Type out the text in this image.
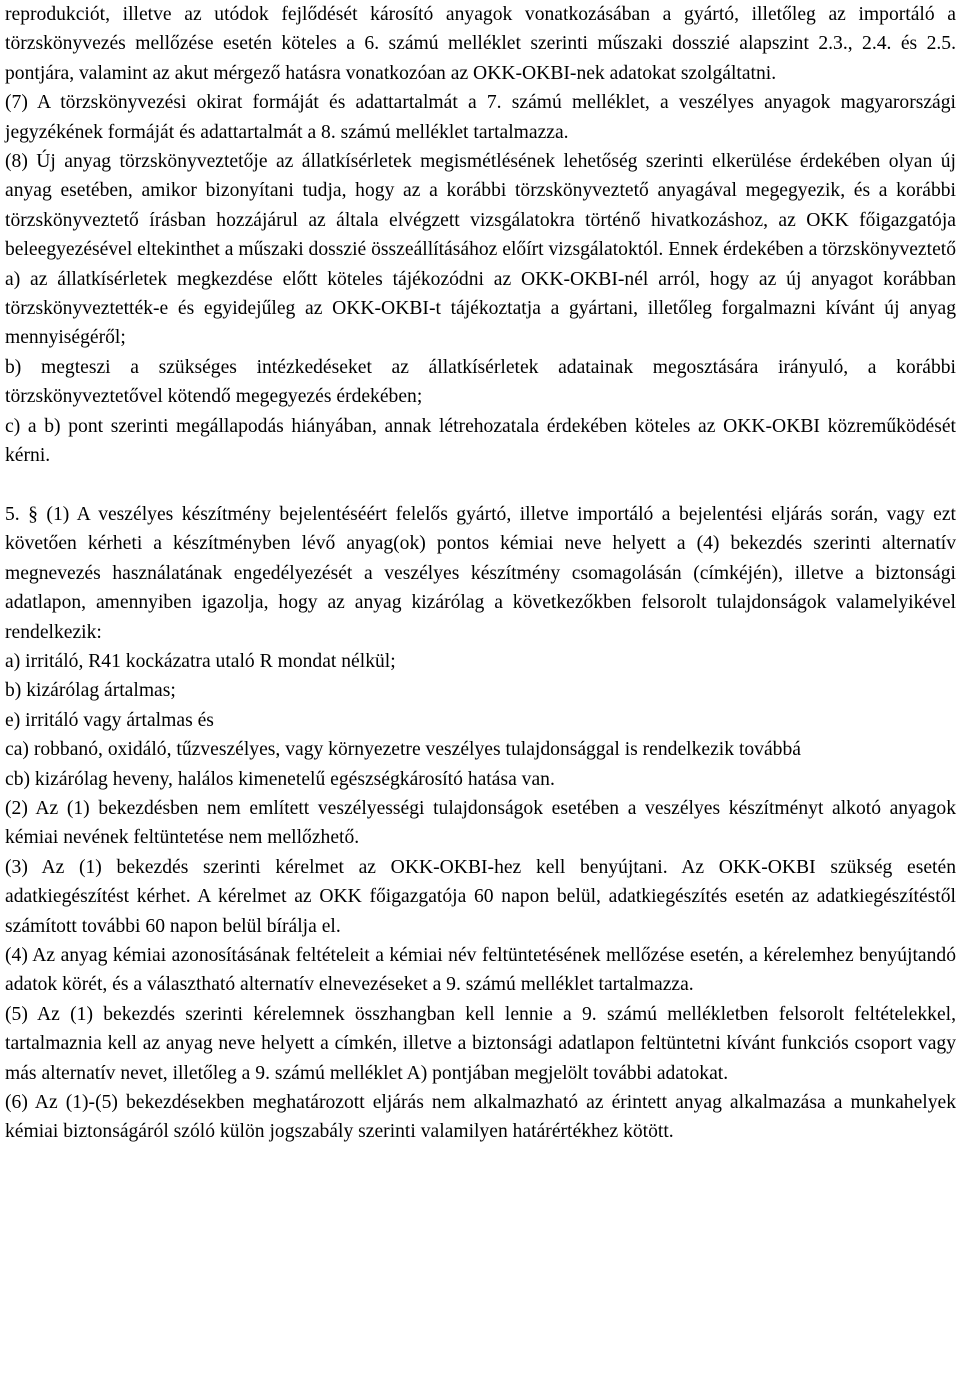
reprodukciót, illetve az utódok fejlődését károsító anyagok vonatkozásában a gyártó, illetőleg az importáló a törzskönyvezés mellőzése esetén köteles a 6. számú melléklet szerinti műszaki dosszié alapszint 2.3., 2.4. és 2.5. pontjára, valamint az akut mérgező hatásra vonatkozóan az OKK-OKBI-nek adatokat szolgáltatni.

(7) A törzskönyvezési okirat formáját és adattartalmát a 7. számú melléklet, a veszélyes anyagok magyarországi jegyzékének formáját és adattartalmát a 8. számú melléklet tartalmazza.

(8) Új anyag törzskönyveztetője az állatkísérletek megismétlésének lehetőség szerinti elkerülése érdekében olyan új anyag esetében, amikor bizonyítani tudja, hogy az a korábbi törzskönyveztető anyagával megegyezik, és a korábbi törzskönyveztető írásban hozzájárul az általa elvégzett vizsgálatokra történő hivatkozáshoz, az OKK főigazgatója beleegyezésével eltekinthet a műszaki dosszié összeállításához előírt vizsgálatoktól. Ennek érdekében a törzskönyveztető

a) az állatkísérletek megkezdése előtt köteles tájékozódni az OKK-OKBI-nél arról, hogy az új anyagot korábban törzskönyveztették-e és egyidejűleg az OKK-OKBI-t tájékoztatja a gyártani, illetőleg forgalmazni kívánt új anyag mennyiségéről;

b) megteszi a szükséges intézkedéseket az állatkísérletek adatainak megosztására irányuló, a korábbi törzskönyveztetővel kötendő megegyezés érdekében;

c) a b) pont szerinti megállapodás hiányában, annak létrehozatala érdekében köteles az OKK-OKBI közreműködését kérni.

5. § (1) A veszélyes készítmény bejelentéséért felelős gyártó, illetve importáló a bejelentési eljárás során, vagy ezt követően kérheti a készítményben lévő anyag(ok) pontos kémiai neve helyett a (4) bekezdés szerinti alternatív megnevezés használatának engedélyezését a veszélyes készítmény csomagolásán (címkéjén), illetve a biztonsági adatlapon, amennyiben igazolja, hogy az anyag kizárólag a következőkben felsorolt tulajdonságok valamelyikével rendelkezik:

a) irritáló, R41 kockázatra utaló R mondat nélkül;

b) kizárólag ártalmas;

e) irritáló vagy ártalmas és

ca) robbanó, oxidáló, tűzveszélyes, vagy környezetre veszélyes tulajdonsággal is rendelkezik továbbá

cb) kizárólag heveny, halálos kimenetelű egészségkárosító hatása van.

(2) Az (1) bekezdésben nem említett veszélyességi tulajdonságok esetében a veszélyes készítményt alkotó anyagok kémiai nevének feltüntetése nem mellőzhető.

(3) Az (1) bekezdés szerinti kérelmet az OKK-OKBI-hez kell benyújtani. Az OKK-OKBI szükség esetén adatkiegészítést kérhet. A kérelmet az OKK főigazgatója 60 napon belül, adatkiegészítés esetén az adatkiegészítéstől számított további 60 napon belül bírálja el.

(4) Az anyag kémiai azonosításának feltételeit a kémiai név feltüntetésének mellőzése esetén, a kérelemhez benyújtandó adatok körét, és a választható alternatív elnevezéseket a 9. számú melléklet tartalmazza.

(5) Az (1) bekezdés szerinti kérelemnek összhangban kell lennie a 9. számú mellékletben felsorolt feltételekkel, tartalmaznia kell az anyag neve helyett a címkén, illetve a biztonsági adatlapon feltüntetni kívánt funkciós csoport vagy más alternatív nevet, illetőleg a 9. számú melléklet A) pontjában megjelölt további adatokat.

(6) Az (1)-(5) bekezdésekben meghatározott eljárás nem alkalmazható az érintett anyag alkalmazása a munkahelyek kémiai biztonságáról szóló külön jogszabály szerinti valamilyen határértékhez kötött.
